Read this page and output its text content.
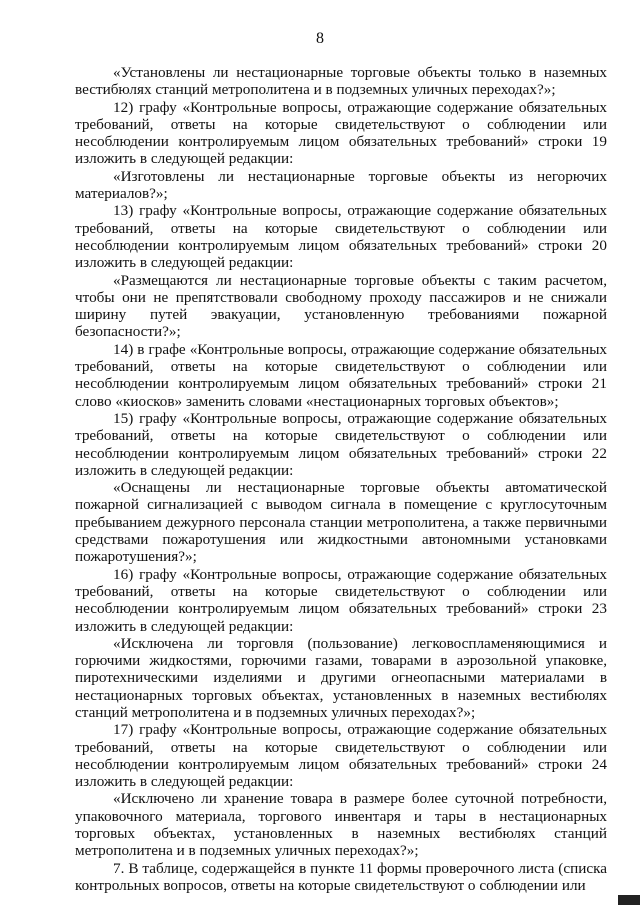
8

«Установлены ли нестационарные торговые объекты только в наземных вестибюлях станций метрополитена и в подземных уличных переходах?»;

12) графу «Контрольные вопросы, отражающие содержание обязательных требований, ответы на которые свидетельствуют о соблюдении или несоблюдении контролируемым лицом обязательных требований» строки 19 изложить в следующей редакции:

«Изготовлены ли нестационарные торговые объекты из негорючих материалов?»;

13) графу «Контрольные вопросы, отражающие содержание обязательных требований, ответы на которые свидетельствуют о соблюдении или несоблюдении контролируемым лицом обязательных требований» строки 20 изложить в следующей редакции:

«Размещаются ли нестационарные торговые объекты с таким расчетом, чтобы они не препятствовали свободному проходу пассажиров и не снижали ширину путей эвакуации, установленную требованиями пожарной безопасности?»;

14) в графе «Контрольные вопросы, отражающие содержание обязательных требований, ответы на которые свидетельствуют о соблюдении или несоблюдении контролируемым лицом обязательных требований» строки 21 слово «киосков» заменить словами «нестационарных торговых объектов»;

15) графу «Контрольные вопросы, отражающие содержание обязательных требований, ответы на которые свидетельствуют о соблюдении или несоблюдении контролируемым лицом обязательных требований» строки 22 изложить в следующей редакции:

«Оснащены ли нестационарные торговые объекты автоматической пожарной сигнализацией с выводом сигнала в помещение с круглосуточным пребыванием дежурного персонала станции метрополитена, а также первичными средствами пожаротушения или жидкостными автономными установками пожаротушения?»;

16) графу «Контрольные вопросы, отражающие содержание обязательных требований, ответы на которые свидетельствуют о соблюдении или несоблюдении контролируемым лицом обязательных требований» строки 23 изложить в следующей редакции:

«Исключена ли торговля (пользование) легковоспламеняющимися и горючими жидкостями, горючими газами, товарами в аэрозольной упаковке, пиротехническими изделиями и другими огнеопасными материалами в нестационарных торговых объектах, установленных в наземных вестибюлях станций метрополитена и в подземных уличных переходах?»;

17) графу «Контрольные вопросы, отражающие содержание обязательных требований, ответы на которые свидетельствуют о соблюдении или несоблюдении контролируемым лицом обязательных требований» строки 24 изложить в следующей редакции:

«Исключено ли хранение товара в размере более суточной потребности, упаковочного материала, торгового инвентаря и тары в нестационарных торговых объектах, установленных в наземных вестибюлях станций метрополитена и в подземных уличных переходах?»;

7. В таблице, содержащейся в пункте 11 формы проверочного листа (списка контрольных вопросов, ответы на которые свидетельствуют о соблюдении или
